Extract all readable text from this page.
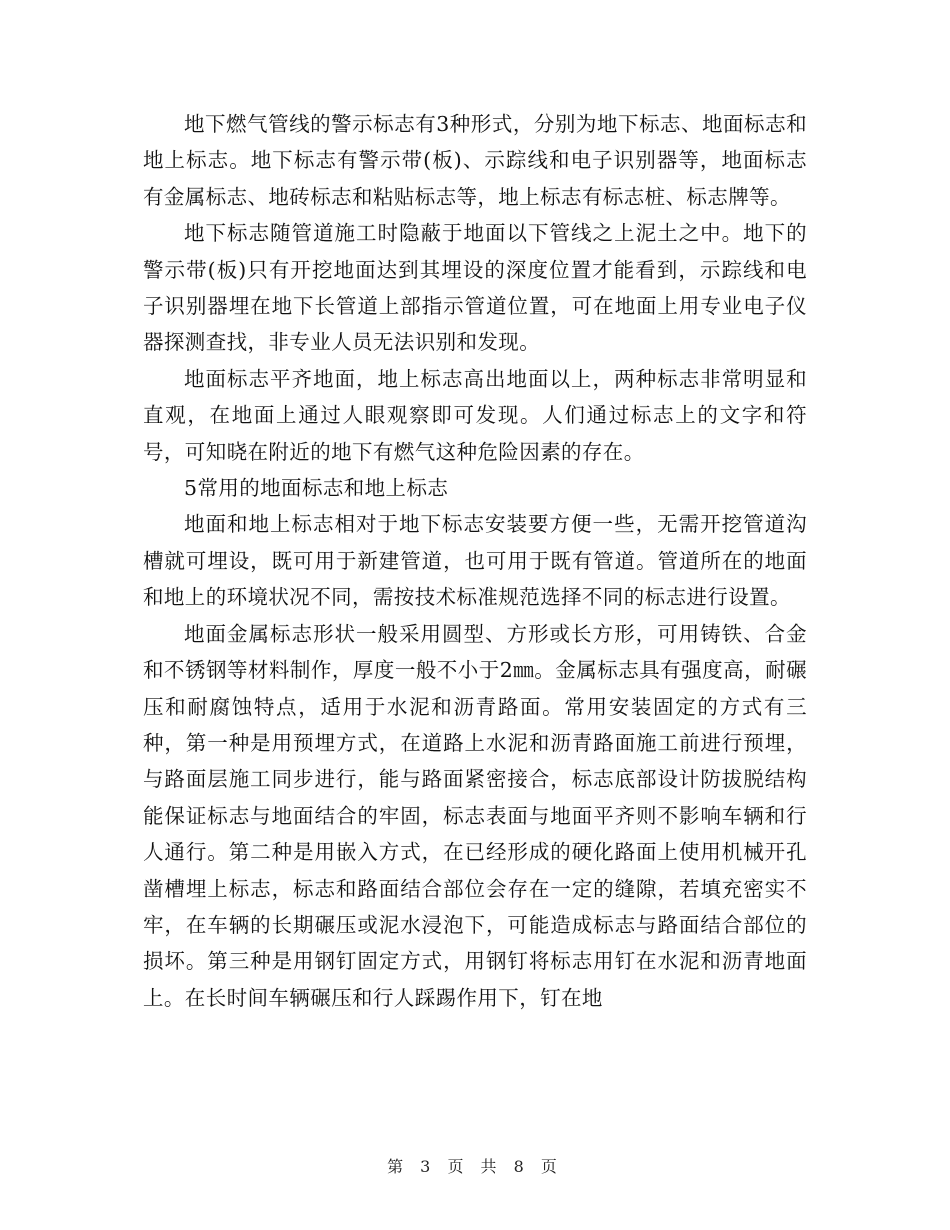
地下燃气管线的警示标志有3种形式，分别为地下标志、地面标志和地上标志。地下标志有警示带(板)、示踪线和电子识别器等，地面标志有金属标志、地砖标志和粘贴标志等，地上标志有标志桩、标志牌等。

地下标志随管道施工时隐蔽于地面以下管线之上泥土之中。地下的警示带(板)只有开挖地面达到其埋设的深度位置才能看到，示踪线和电子识别器埋在地下长管道上部指示管道位置，可在地面上用专业电子仪器探测查找，非专业人员无法识别和发现。

地面标志平齐地面，地上标志高出地面以上，两种标志非常明显和直观，在地面上通过人眼观察即可发现。人们通过标志上的文字和符号，可知晓在附近的地下有燃气这种危险因素的存在。

5常用的地面标志和地上标志

地面和地上标志相对于地下标志安装要方便一些，无需开挖管道沟槽就可埋设，既可用于新建管道，也可用于既有管道。管道所在的地面和地上的环境状况不同，需按技术标准规范选择不同的标志进行设置。

地面金属标志形状一般采用圆型、方形或长方形，可用铸铁、合金和不锈钢等材料制作，厚度一般不小于2㎜。金属标志具有强度高，耐碾压和耐腐蚀特点，适用于水泥和沥青路面。常用安装固定的方式有三种，第一种是用预埋方式，在道路上水泥和沥青路面施工前进行预埋，与路面层施工同步进行，能与路面紧密接合，标志底部设计防拔脱结构能保证标志与地面结合的牢固，标志表面与地面平齐则不影响车辆和行人通行。第二种是用嵌入方式，在已经形成的硬化路面上使用机械开孔凿槽埋上标志，标志和路面结合部位会存在一定的缝隙，若填充密实不牢，在车辆的长期碾压或泥水浸泡下，可能造成标志与路面结合部位的损坏。第三种是用钢钉固定方式，用钢钉将标志用钉在水泥和沥青地面上。在长时间车辆碾压和行人踩踢作用下，钉在地

第 3 页 共 8 页
